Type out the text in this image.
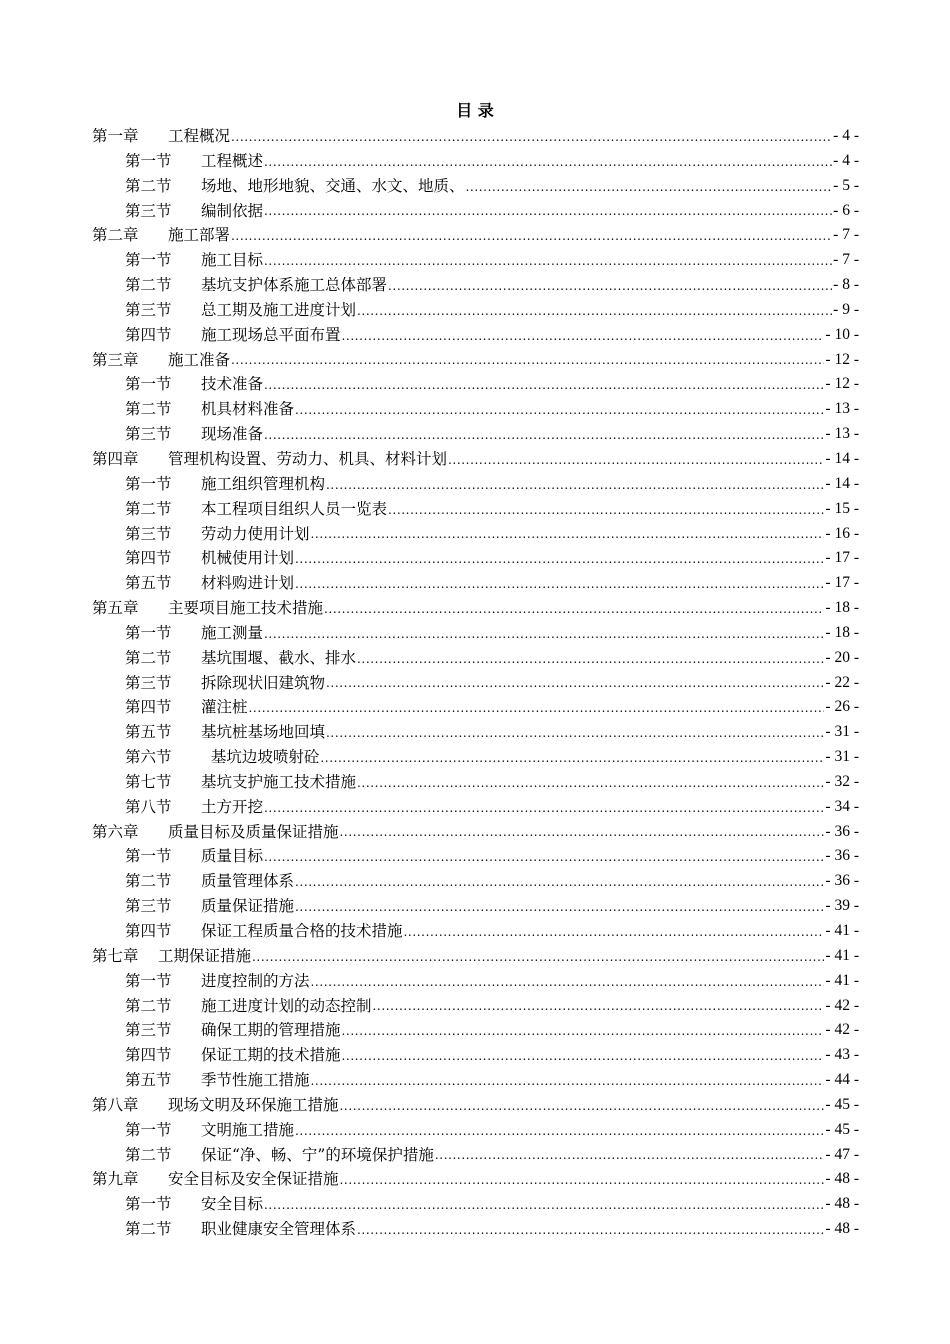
目 录
第一章	工程概况 .....	- 4 -
第一节	工程概述 .....	- 4 -
第二节	场地、地形地貌、交通、水文、地质、 .....	- 5 -
第三节	编制依据 .....	- 6 -
第二章	施工部署 .....	- 7 -
第一节	施工目标 .....	- 7 -
第二节	基坑支护体系施工总体部署 .....	- 8 -
第三节	总工期及施工进度计划 .....	- 9 -
第四节	施工现场总平面布置 .....	- 10 -
第三章	施工准备 .....	- 12 -
第一节	技术准备 .....	- 12 -
第二节	机具材料准备 .....	- 13 -
第三节	现场准备 .....	- 13 -
第四章	管理机构设置、劳动力、机具、材料计划 .....	- 14 -
第一节	施工组织管理机构 .....	- 14 -
第二节	本工程项目组织人员一览表 .....	- 15 -
第三节	劳动力使用计划 .....	- 16 -
第四节	机械使用计划 .....	- 17 -
第五节	材料购进计划 .....	- 17 -
第五章	主要项目施工技术措施 .....	- 18 -
第一节	施工测量 .....	- 18 -
第二节	基坑围堰、截水、排水 .....	- 20 -
第三节	拆除现状旧建筑物 .....	- 22 -
第四节	灌注桩 .....	- 26 -
第五节	基坑桩基场地回填 .....	- 31 -
第六节	基坑边坡喷射砼 .....	- 31 -
第七节	基坑支护施工技术措施 .....	- 32 -
第八节	土方开挖 .....	- 34 -
第六章	质量目标及质量保证措施 .....	- 36 -
第一节	质量目标 .....	- 36 -
第二节	质量管理体系 .....	- 36 -
第三节	质量保证措施 .....	- 39 -
第四节	保证工程质量合格的技术措施 .....	- 41 -
第七章	工期保证措施 .....	- 41 -
第一节	进度控制的方法 .....	- 41 -
第二节	施工进度计划的动态控制 .....	- 42 -
第三节	确保工期的管理措施 .....	- 42 -
第四节	保证工期的技术措施 .....	- 43 -
第五节	季节性施工措施 .....	- 44 -
第八章	现场文明及环保施工措施 .....	- 45 -
第一节	文明施工措施 .....	- 45 -
第二节	保证“净、畅、宁”的环境保护措施 .....	- 47 -
第九章	安全目标及安全保证措施 .....	- 48 -
第一节	安全目标 .....	- 48 -
第二节	职业健康安全管理体系 .....	- 48 -
